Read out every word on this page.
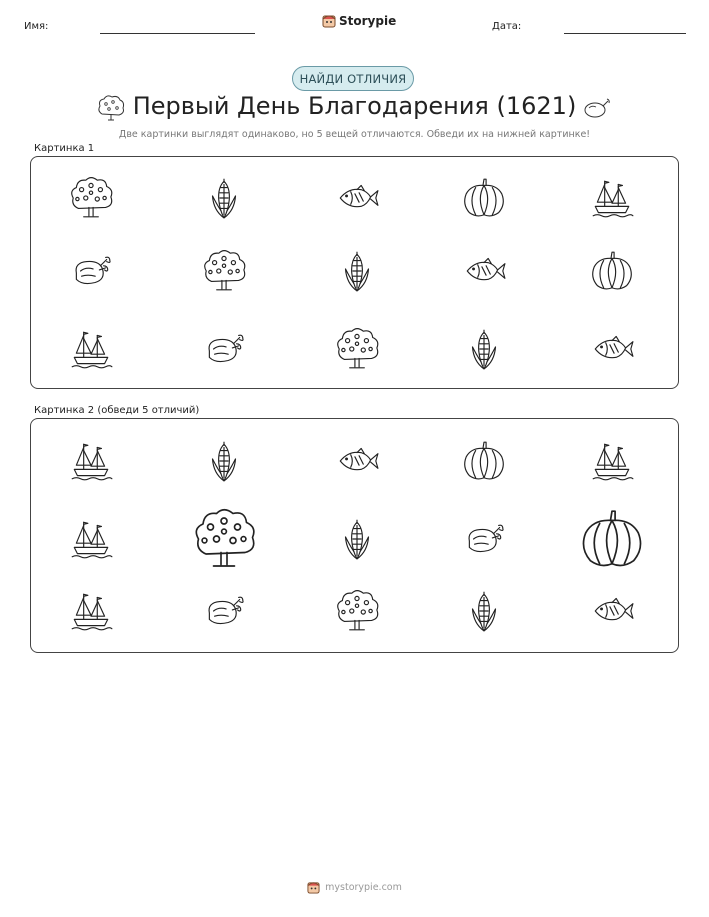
Имя:	Storypie	Дата:
НАЙДИ ОТЛИЧИЯ
Первый День Благодарения (1621)
Две картинки выглядят одинаково, но 5 вещей отличаются. Обведи их на нижней картинке!
Картинка 1
Картинка 2 (обведи 5 отличий)
mystorypie.com
